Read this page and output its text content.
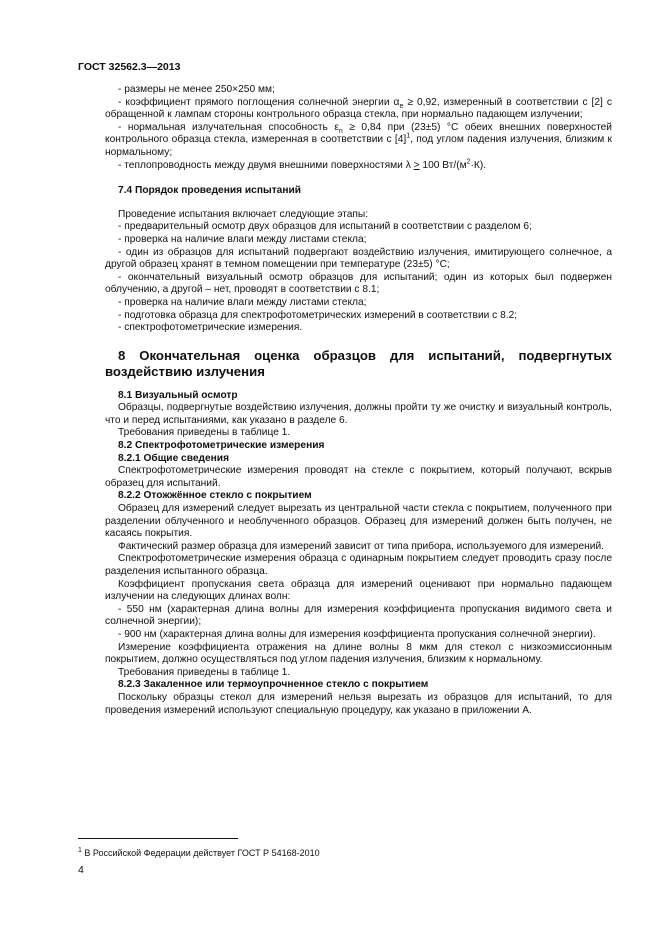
ГОСТ 32562.3—2013

- размеры не менее 250×250 мм;

- коэффициент прямого поглощения солнечной энергии $\alpha_e \ge 0,92$, измеренный в соответствии с [2] с обращенной к лампам стороны контрольного образца стекла, при нормально падающем излучении;

- нормальная излучательная способность $\varepsilon_n \ge 0,84$ при (23±5) °С обеих внешних поверхностей контрольного образца стекла, измеренная в соответствии с $[4]^1$, под углом падения излучения, близким к нормальному;

- теплопроводность между двумя внешними поверхностями λ > 100 $Вт/(м^2\cdot К)$.

7.4 Порядок проведения испытаний

Проведение испытания включает следующие этапы:

- предварительный осмотр двух образцов для испытаний в соответствии с разделом 6;

- проверка на наличие влаги между листами стекла;

- один из образцов для испытаний подвергают воздействию излучения, имитирующего солнечное, а другой образец хранят в темном помещении при температуре (23±5) °С;

- окончательный визуальный осмотр образцов для испытаний; один из которых был подвержен облучению, а другой – нет, проводят в соответствии с 8.1;

- проверка на наличие влаги между листами стекла;

- подготовка образца для спектрофотометрических измерений в соответствии с 8.2;

- спектрофотометрические измерения.

8 Окончательная оценка образцов для испытаний, подвергнутых воздействию излучения

8.1 Визуальный осмотр

Образцы, подвергнутые воздействию излучения, должны пройти ту же очистку и визуальный контроль, что и перед испытаниями, как указано в разделе 6.

Требования приведены в таблице 1.

8.2 Спектрофотометрические измерения

8.2.1 Общие сведения

Спектрофотометрические измерения проводят на стекле с покрытием, который получают, вскрыв образец для испытаний.

8.2.2 Отожжённое стекло с покрытием

Образец для измерений следует вырезать из центральной части стекла с покрытием, полученного при разделении облученного и необлученного образцов. Образец для измерений должен быть получен, не касаясь покрытия.

Фактический размер образца для измерений зависит от типа прибора, используемого для измерений.

Спектрофотометрические измерения образца с одинарным покрытием следует проводить сразу после разделения испытанного образца.

Коэффициент пропускания света образца для измерений оценивают при нормально падающем излучении на следующих длинах волн:

- 550 нм (характерная длина волны для измерения коэффициента пропускания видимого света и солнечной энергии);

- 900 нм (характерная длина волны для измерения коэффициента пропускания солнечной энергии).

Измерение коэффициента отражения на длине волны 8 мкм для стекол с низкоэмиссионным покрытием, должно осуществляться под углом падения излучения, близким к нормальному.

Требования приведены в таблице 1.

8.2.3 Закаленное или термоупрочненное стекло с покрытием

Поскольку образцы стекол для измерений нельзя вырезать из образцов для испытаний, то для проведения измерений используют специальную процедуру, как указано в приложении А.

$^1$ В Российской Федерации действует ГОСТ Р 54168-2010
4
